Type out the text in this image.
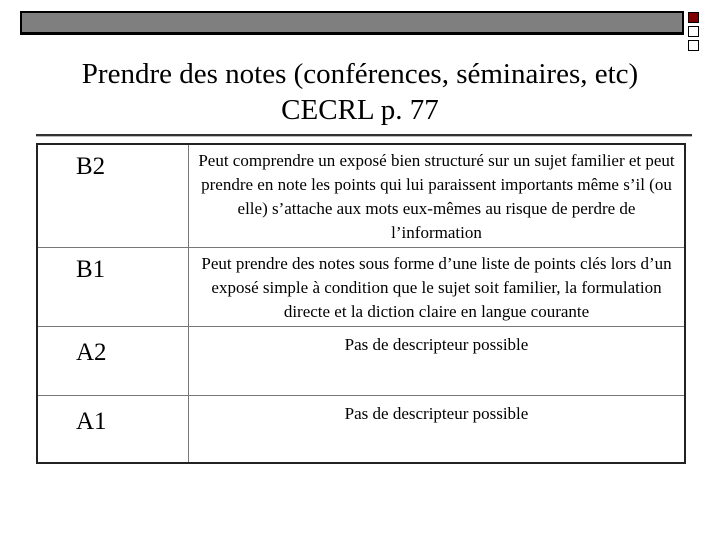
Prendre des notes (conférences, séminaires, etc)
CECRL p. 77
B2	Peut comprendre un exposé bien structuré sur un sujet familier et peut prendre en note les points qui lui paraissent importants même s’il (ou elle) s’attache aux mots eux-mêmes au risque de perdre de l’information
B1	Peut prendre des notes sous forme d’une liste de points clés lors d’un exposé simple à condition que le sujet soit familier, la formulation directe et la diction claire en langue courante
A2	Pas de descripteur possible
A1	Pas de descripteur possible
